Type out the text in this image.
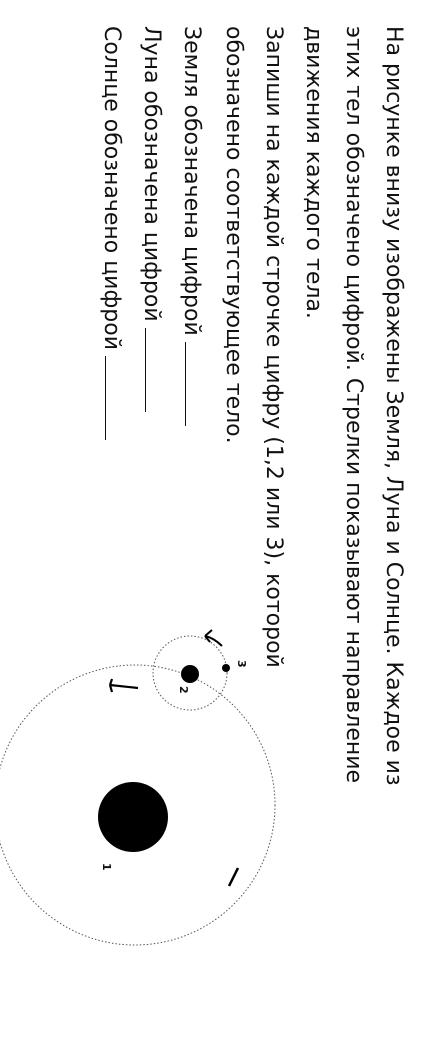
На рисунке внизу изображены Земля, Луна и Солнце. Каждое из
этих тел обозначено цифрой. Стрелки показывают направление
движения каждого тела.
Запиши на каждой строчке цифру (1,2 или 3), которой
обозначено соответствующее тело.
Земля обозначена цифрой
Луна обозначена цифрой
Солнце обозначено цифрой
1
2
3
